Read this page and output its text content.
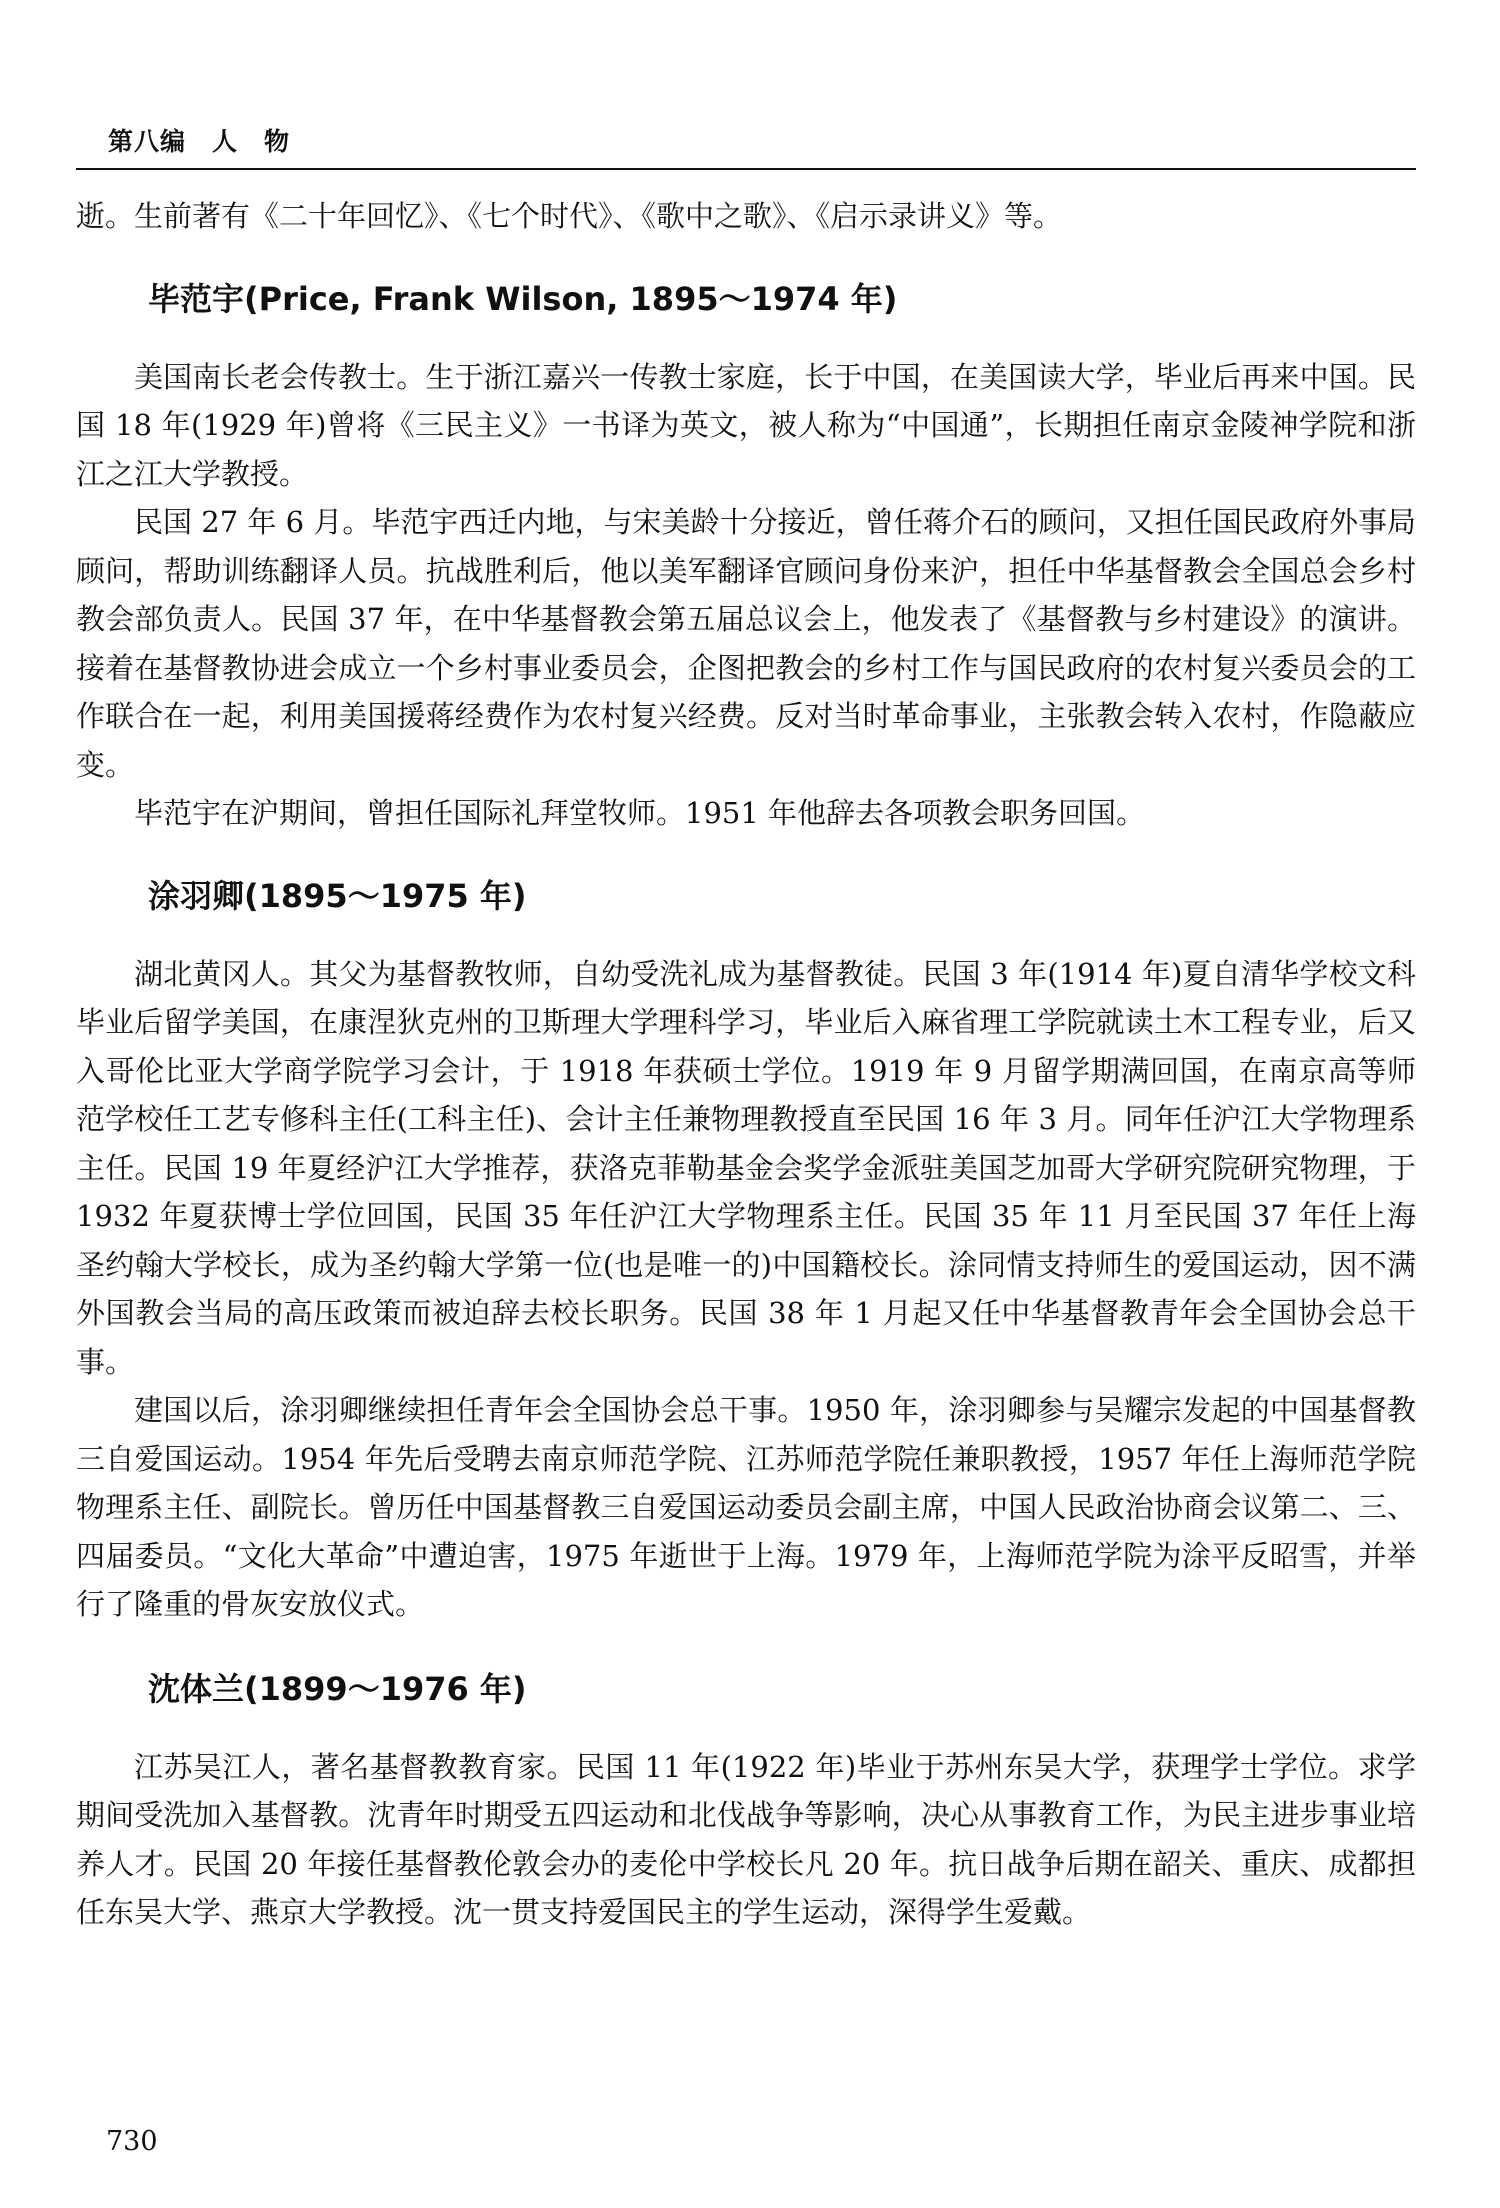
第八编　人　物

逝。生前著有《二十年回忆》、《七个时代》、《歌中之歌》、《启示录讲义》等。

毕范宇(Price, Frank Wilson, 1895～1974 年)

美国南长老会传教士。生于浙江嘉兴一传教士家庭，长于中国，在美国读大学，毕业后再来中国。民国 18 年(1929 年)曾将《三民主义》一书译为英文，被人称为“中国通”，长期担任南京金陵神学院和浙江之江大学教授。

民国 27 年 6 月。毕范宇西迁内地，与宋美龄十分接近，曾任蒋介石的顾问，又担任国民政府外事局顾问，帮助训练翻译人员。抗战胜利后，他以美军翻译官顾问身份来沪，担任中华基督教会全国总会乡村教会部负责人。民国 37 年，在中华基督教会第五届总议会上，他发表了《基督教与乡村建设》的演讲。接着在基督教协进会成立一个乡村事业委员会，企图把教会的乡村工作与国民政府的农村复兴委员会的工作联合在一起，利用美国援蒋经费作为农村复兴经费。反对当时革命事业，主张教会转入农村，作隐蔽应变。

毕范宇在沪期间，曾担任国际礼拜堂牧师。1951 年他辞去各项教会职务回国。

涂羽卿(1895～1975 年)

湖北黄冈人。其父为基督教牧师，自幼受洗礼成为基督教徒。民国 3 年(1914 年)夏自清华学校文科毕业后留学美国，在康涅狄克州的卫斯理大学理科学习，毕业后入麻省理工学院就读土木工程专业，后又入哥伦比亚大学商学院学习会计，于 1918 年获硕士学位。1919 年 9 月留学期满回国，在南京高等师范学校任工艺专修科主任(工科主任)、会计主任兼物理教授直至民国 16 年 3 月。同年任沪江大学物理系主任。民国 19 年夏经沪江大学推荐，获洛克菲勒基金会奖学金派驻美国芝加哥大学研究院研究物理，于 1932 年夏获博士学位回国，民国 35 年任沪江大学物理系主任。民国 35 年 11 月至民国 37 年任上海圣约翰大学校长，成为圣约翰大学第一位(也是唯一的)中国籍校长。涂同情支持师生的爱国运动，因不满外国教会当局的高压政策而被迫辞去校长职务。民国 38 年 1 月起又任中华基督教青年会全国协会总干事。

建国以后，涂羽卿继续担任青年会全国协会总干事。1950 年，涂羽卿参与吴耀宗发起的中国基督教三自爱国运动。1954 年先后受聘去南京师范学院、江苏师范学院任兼职教授，1957 年任上海师范学院物理系主任、副院长。曾历任中国基督教三自爱国运动委员会副主席，中国人民政治协商会议第二、三、四届委员。“文化大革命”中遭迫害，1975 年逝世于上海。1979 年，上海师范学院为涂平反昭雪，并举行了隆重的骨灰安放仪式。

沈体兰(1899～1976 年)

江苏吴江人，著名基督教教育家。民国 11 年(1922 年)毕业于苏州东吴大学，获理学士学位。求学期间受洗加入基督教。沈青年时期受五四运动和北伐战争等影响，决心从事教育工作，为民主进步事业培养人才。民国 20 年接任基督教伦敦会办的麦伦中学校长凡 20 年。抗日战争后期在韶关、重庆、成都担任东吴大学、燕京大学教授。沈一贯支持爱国民主的学生运动，深得学生爱戴。

730
